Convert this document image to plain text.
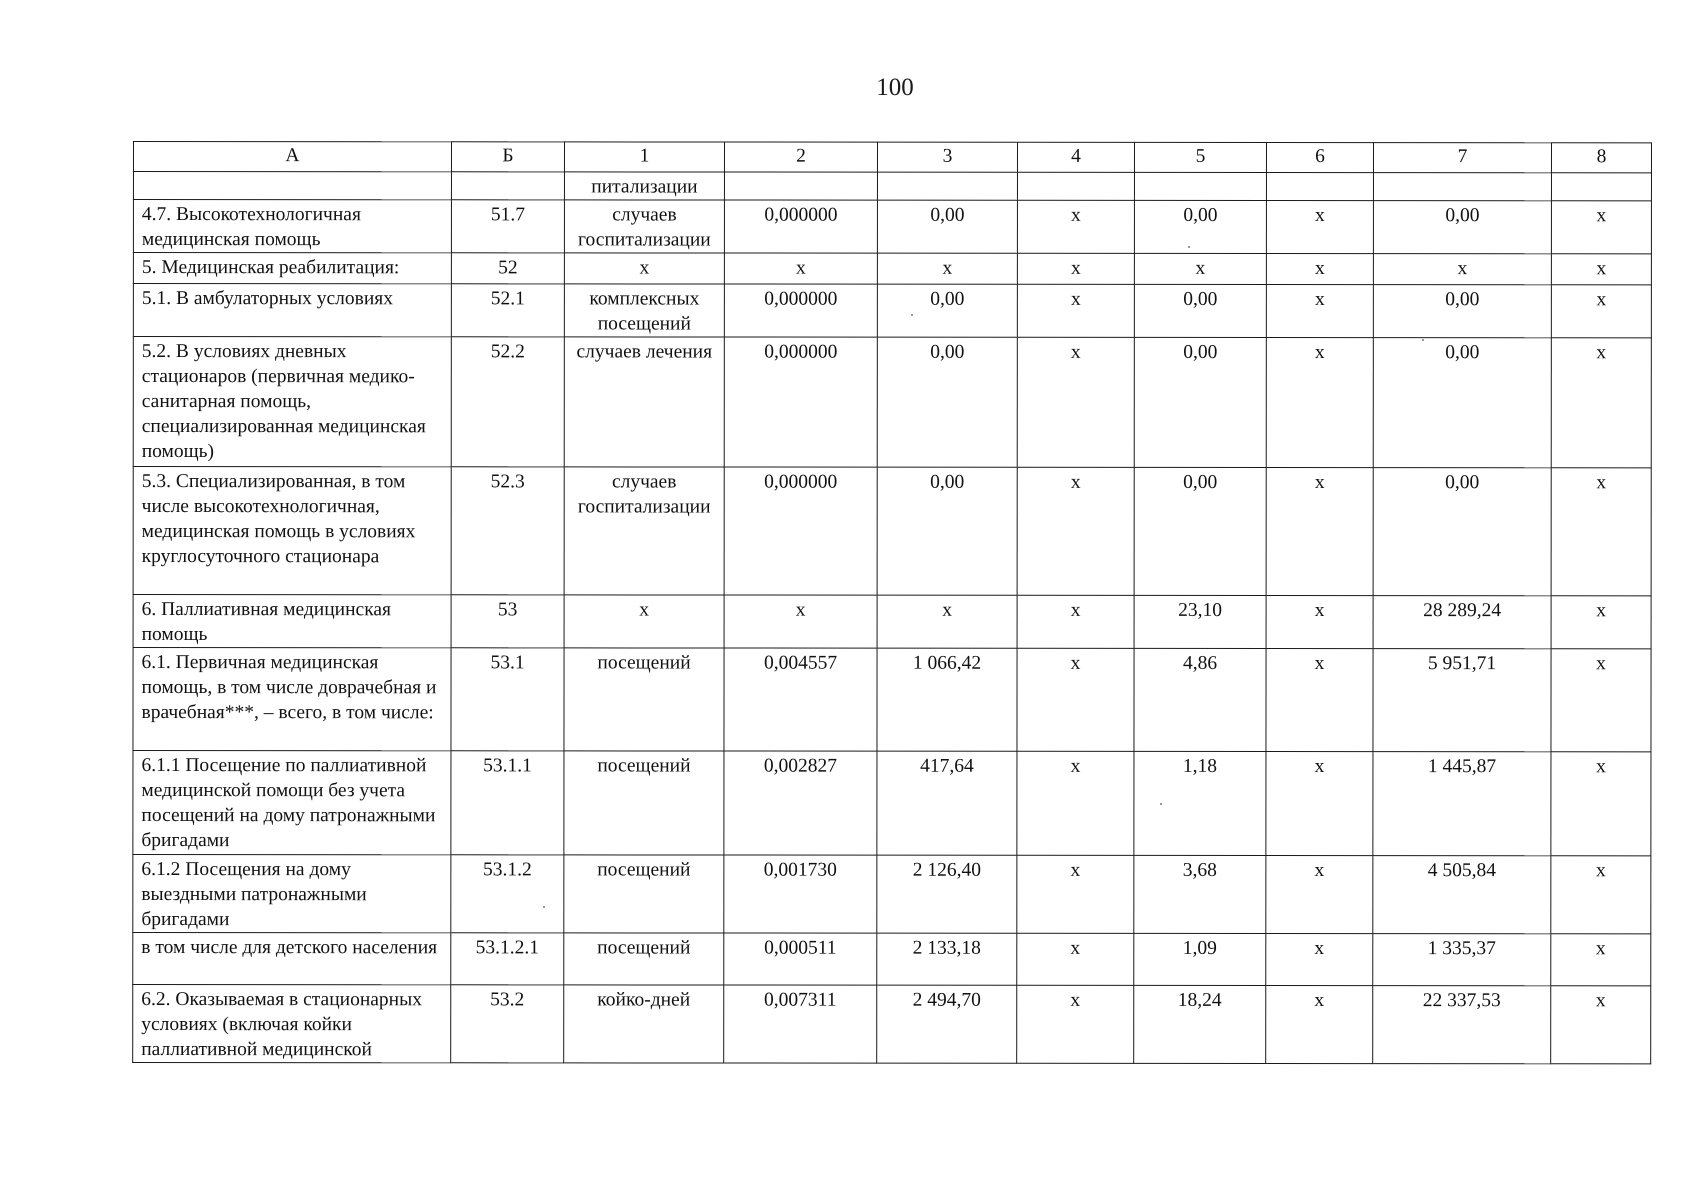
100
А	Б	1	2	3	4	5	6	7	8
		питализации							
4.7. Высокотехнологичная медицинская помощь	51.7	случаев госпитализации	0,000000	0,00	х	0,00	х	0,00	х
5. Медицинская реабилитация:	52	х	х	х	х	х	х	х	х
5.1. В амбулаторных условиях	52.1	комплексных посещений	0,000000	0,00	х	0,00	х	0,00	х
5.2. В условиях дневных стационаров (первичная медико-санитарная помощь, специализированная медицинская помощь)	52.2	случаев лечения	0,000000	0,00	х	0,00	х	0,00	х
5.3. Специализированная, в том числе высокотехнологичная, медицинская помощь в условиях круглосуточного стационара	52.3	случаев госпитализации	0,000000	0,00	х	0,00	х	0,00	х
6. Паллиативная медицинская помощь	53	х	х	х	х	23,10	х	28 289,24	х
6.1. Первичная медицинская помощь, в том числе доврачебная и врачебная***, – всего, в том числе:	53.1	посещений	0,004557	1 066,42	х	4,86	х	5 951,71	х
6.1.1 Посещение по паллиативной медицинской помощи без учета посещений на дому патронажными бригадами	53.1.1	посещений	0,002827	417,64	х	1,18	х	1 445,87	х
6.1.2 Посещения на дому выездными патронажными бригадами	53.1.2	посещений	0,001730	2 126,40	х	3,68	х	4 505,84	х
в том числе для детского населения	53.1.2.1	посещений	0,000511	2 133,18	х	1,09	х	1 335,37	х
6.2. Оказываемая в стационарных условиях (включая койки паллиативной медицинской	53.2	койко-дней	0,007311	2 494,70	х	18,24	х	22 337,53	х
